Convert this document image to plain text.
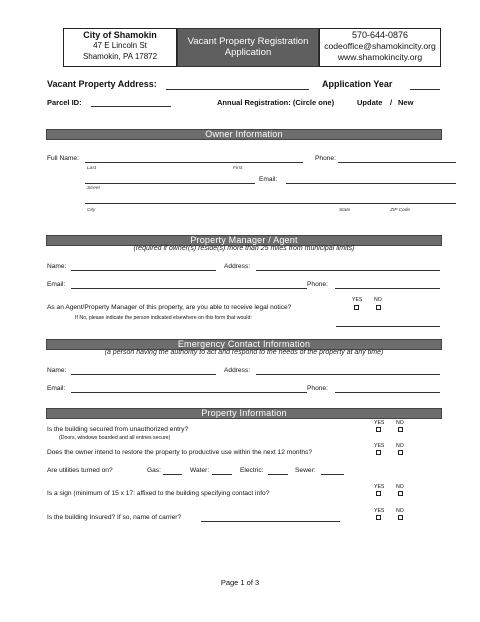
City of Shamokin
47 E Lincoln St
Shamokin, PA 17872
Vacant Property Registration
Application
570-644-0876
codeoffice@shamokincity.org
www.shamokincity.org
Vacant Property Address:	Application Year
Parcel ID:	Annual Registration: (Circle one)	Update / New
Owner Information
Full Name:	Phone:
Last	First
Email:
Street
City	State	ZIP Code
Property Manager / Agent
(required if owner(s) reside(s) more than 25 miles from municipal limits)
Name:	Address:
Email:	Phone:
YES NO
As an Agent/Property Manager of this property, are you able to receive legal notice?
If No, please indicate the person indicated elsewhere on this form that would:
Emergency Contact Information
(a person having the authority to act and respond to the needs of the property at any time)
Name:	Address:
Email:	Phone:
Property Information
YES NO
Is the building secured from unauthorized entry?
(Doors, windows boarded and all entries secure)
YES NO
Does the owner intend to restore the property to productive use within the next 12 months?
Are utilities turned on?	Gas:	Water:	Electric:	Sewer:
YES NO
Is a sign (minimum of 15 x 17: affixed to the building specifying contact info?
YES NO
Is the building Insured? If so, name of carrier?
Page 1 of 3
